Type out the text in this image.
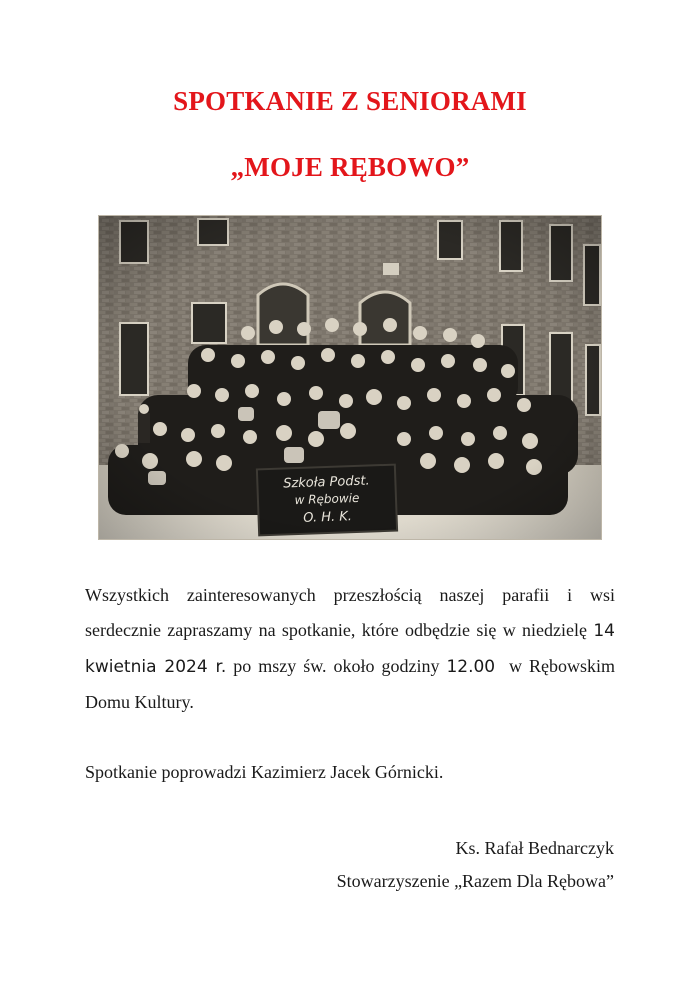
SPOTKANIE Z SENIORAMI
„MOJE RĘBOWO”

Wszystkich zainteresowanych przeszłością naszej parafii i wsi serdecznie zapraszamy na spotkanie, które odbędzie się w niedzielę 14 kwietnia 2024 r. po mszy św. około godziny 12.00  w Rębowskim Domu Kultury.

Spotkanie poprowadzi Kazimierz Jacek Górnicki.

Ks. Rafał Bednarczyk

Stowarzyszenie „Razem Dla Rębowa”
